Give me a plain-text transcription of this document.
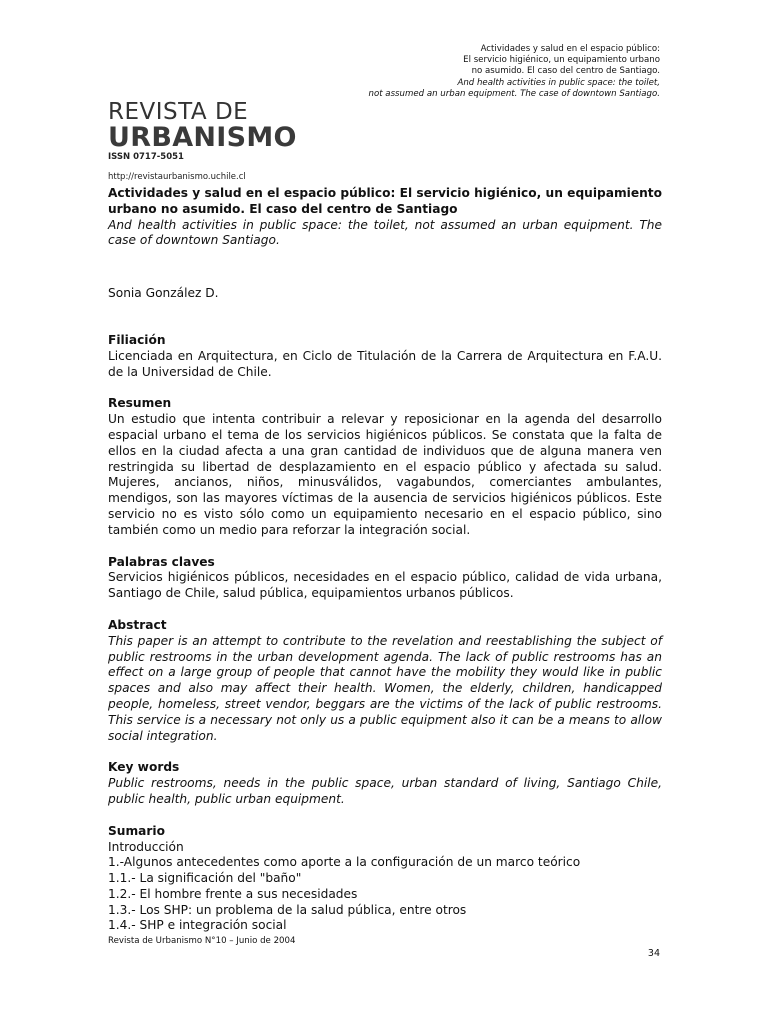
Actividades y salud en el espacio público:
El servicio higiénico, un equipamiento urbano
no asumido. El caso del centro de Santiago.
And health activities in public space: the toilet,
not assumed an urban equipment. The case of downtown Santiago.
REVISTA DE
URBANISMO
ISSN 0717-5051
http://revistaurbanismo.uchile.cl

Actividades y salud en el espacio público: El servicio higiénico, un equipamiento urbano no asumido. El caso del centro de Santiago

And health activities in public space: the toilet, not assumed an urban equipment. The case of downtown Santiago.

Sonia González D.

Filiación

Licenciada en Arquitectura, en Ciclo de Titulación de la Carrera de Arquitectura en F.A.U. de la Universidad de Chile.

Resumen

Un estudio que intenta contribuir a relevar y reposicionar en la agenda del desarrollo espacial urbano el tema de los servicios higiénicos públicos. Se constata que la falta de ellos en la ciudad afecta a una gran cantidad de individuos que de alguna manera ven restringida su libertad de desplazamiento en el espacio público y afectada su salud. Mujeres, ancianos, niños, minusválidos, vagabundos, comerciantes ambulantes, mendigos, son las mayores víctimas de la ausencia de servicios higiénicos públicos. Este servicio no es visto sólo como un equipamiento necesario en el espacio público, sino también como un medio para reforzar la integración social.

Palabras claves

Servicios higiénicos públicos, necesidades en el espacio público, calidad de vida urbana, Santiago de Chile, salud pública, equipamientos urbanos públicos.

Abstract

This paper is an attempt to contribute to the revelation and reestablishing the subject of public restrooms in the urban development agenda. The lack of public restrooms has an effect on a large group of people that cannot have the mobility they would like in public spaces and also may affect their health. Women, the elderly, children, handicapped people, homeless, street vendor, beggars are the victims of the lack of public restrooms. This service is a necessary not only us a public equipment also it can be a means to allow social integration.

Key words

Public restrooms, needs in the public space, urban standard of living, Santiago Chile, public health, public urban equipment.

Sumario

Introducción

1.-Algunos antecedentes como aporte a la configuración de un marco teórico

1.1.- La significación del "baño"

1.2.- El hombre frente a sus necesidades

1.3.- Los SHP: un problema de la salud pública, entre otros

1.4.- SHP e integración social

Revista de Urbanismo N°10 – Junio de 2004
34
